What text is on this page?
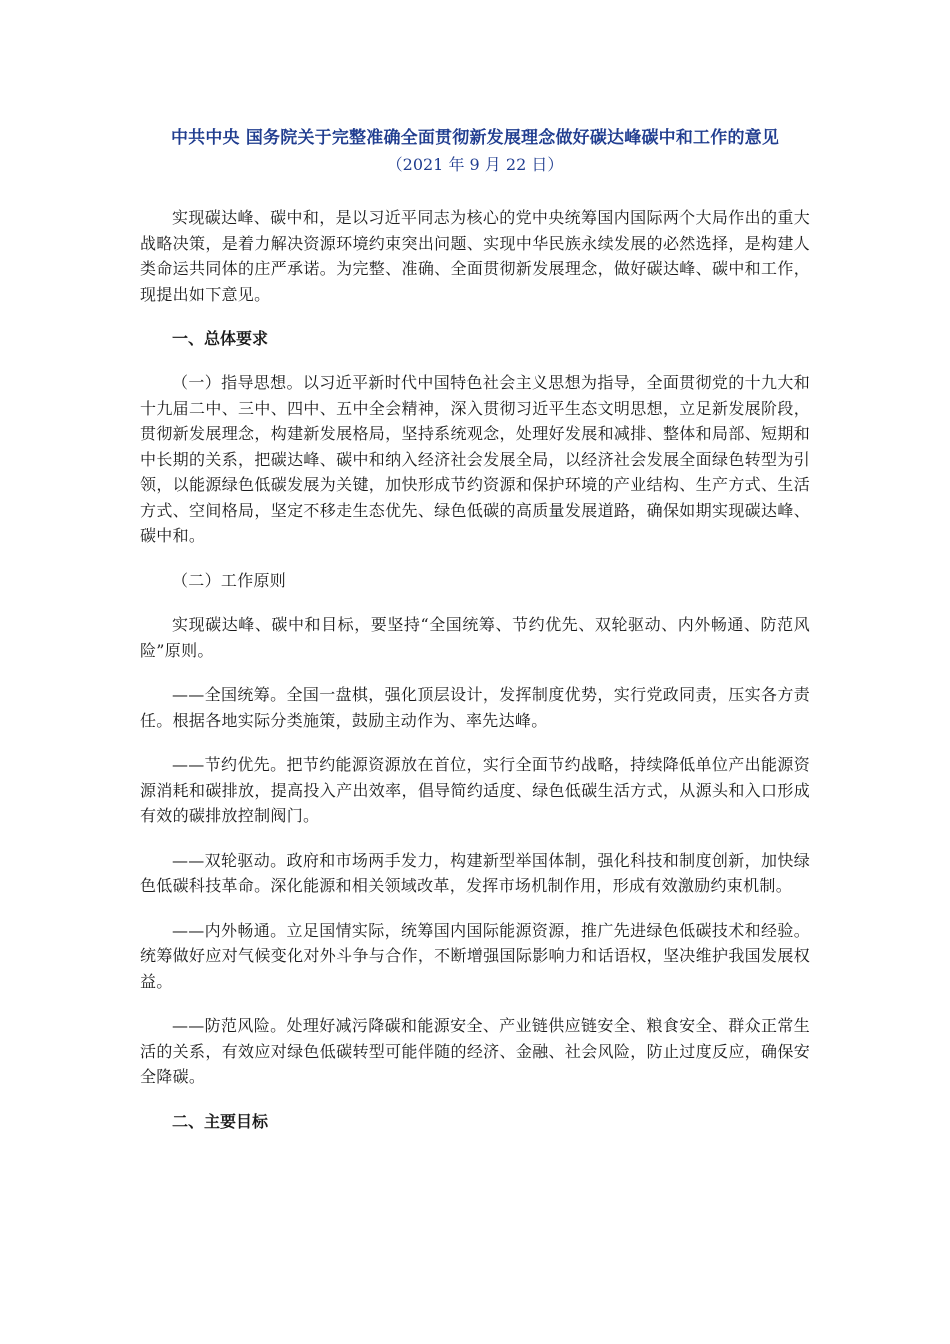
中共中央 国务院关于完整准确全面贯彻新发展理念做好碳达峰碳中和工作的意见
（2021 年 9 月 22 日）

实现碳达峰、碳中和，是以习近平同志为核心的党中央统筹国内国际两个大局作出的重大战略决策，是着力解决资源环境约束突出问题、实现中华民族永续发展的必然选择，是构建人类命运共同体的庄严承诺。为完整、准确、全面贯彻新发展理念，做好碳达峰、碳中和工作，现提出如下意见。

一、总体要求

（一）指导思想。以习近平新时代中国特色社会主义思想为指导，全面贯彻党的十九大和十九届二中、三中、四中、五中全会精神，深入贯彻习近平生态文明思想，立足新发展阶段，贯彻新发展理念，构建新发展格局，坚持系统观念，处理好发展和减排、整体和局部、短期和中长期的关系，把碳达峰、碳中和纳入经济社会发展全局，以经济社会发展全面绿色转型为引领，以能源绿色低碳发展为关键，加快形成节约资源和保护环境的产业结构、生产方式、生活方式、空间格局，坚定不移走生态优先、绿色低碳的高质量发展道路，确保如期实现碳达峰、碳中和。

（二）工作原则

实现碳达峰、碳中和目标，要坚持“全国统筹、节约优先、双轮驱动、内外畅通、防范风险”原则。

——全国统筹。全国一盘棋，强化顶层设计，发挥制度优势，实行党政同责，压实各方责任。根据各地实际分类施策，鼓励主动作为、率先达峰。

——节约优先。把节约能源资源放在首位，实行全面节约战略，持续降低单位产出能源资源消耗和碳排放，提高投入产出效率，倡导简约适度、绿色低碳生活方式，从源头和入口形成有效的碳排放控制阀门。

——双轮驱动。政府和市场两手发力，构建新型举国体制，强化科技和制度创新，加快绿色低碳科技革命。深化能源和相关领域改革，发挥市场机制作用，形成有效激励约束机制。

——内外畅通。立足国情实际，统筹国内国际能源资源，推广先进绿色低碳技术和经验。统筹做好应对气候变化对外斗争与合作，不断增强国际影响力和话语权，坚决维护我国发展权益。

——防范风险。处理好减污降碳和能源安全、产业链供应链安全、粮食安全、群众正常生活的关系，有效应对绿色低碳转型可能伴随的经济、金融、社会风险，防止过度反应，确保安全降碳。

二、主要目标
